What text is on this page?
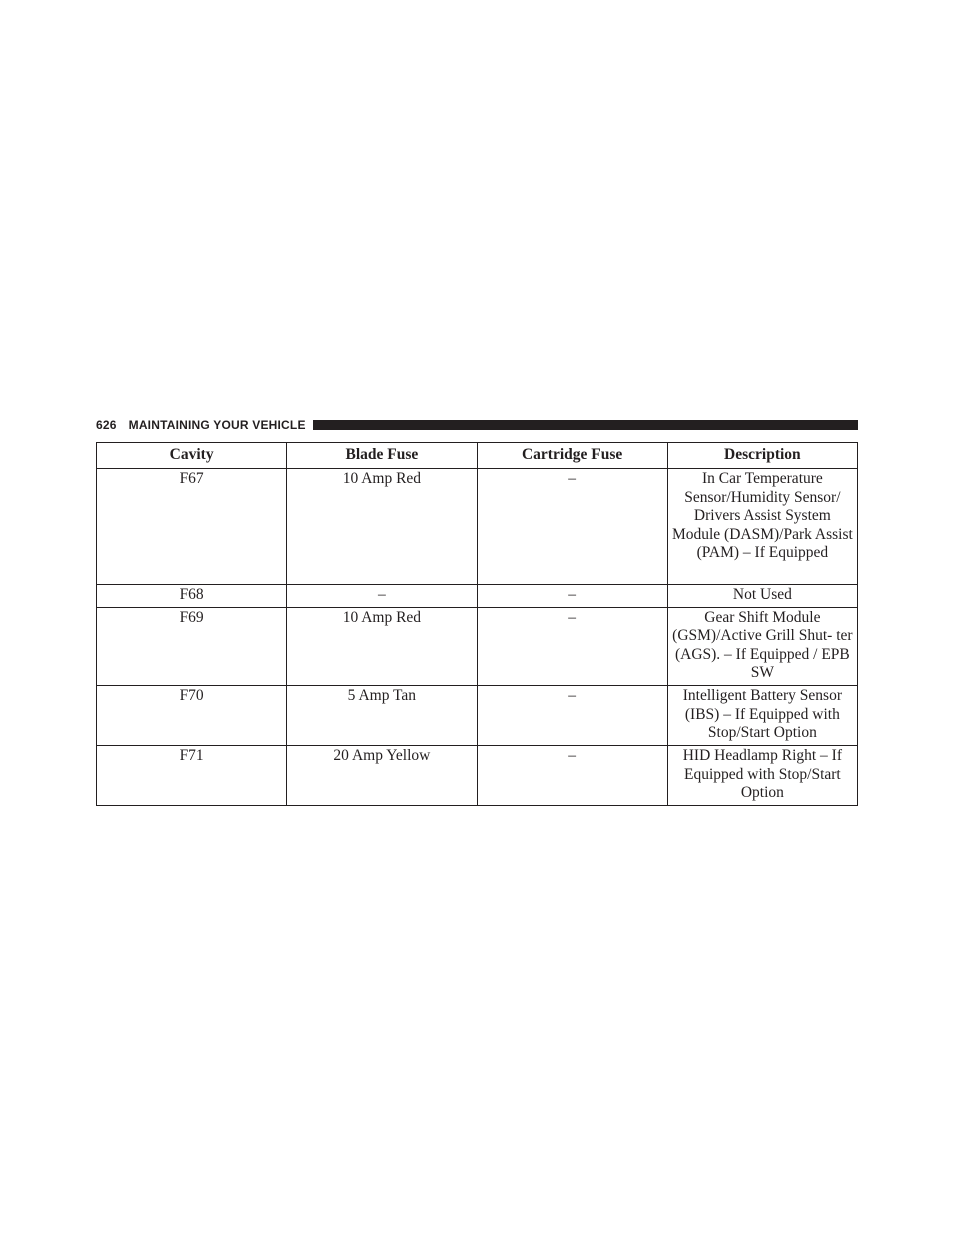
626 MAINTAINING YOUR VEHICLE
Cavity	Blade Fuse	Cartridge Fuse	Description
F67	10 Amp Red	–	In Car Temperature Sensor/Humidity Sensor/ Drivers Assist System Module (DASM)/Park Assist (PAM) – If Equipped
F68	–	–	Not Used
F69	10 Amp Red	–	Gear Shift Module (GSM)/Active Grill Shut- ter (AGS). – If Equipped / EPB SW
F70	5 Amp Tan	–	Intelligent Battery Sensor (IBS) – If Equipped with Stop/Start Option
F71	20 Amp Yellow	–	HID Headlamp Right – If Equipped with Stop/Start Option
